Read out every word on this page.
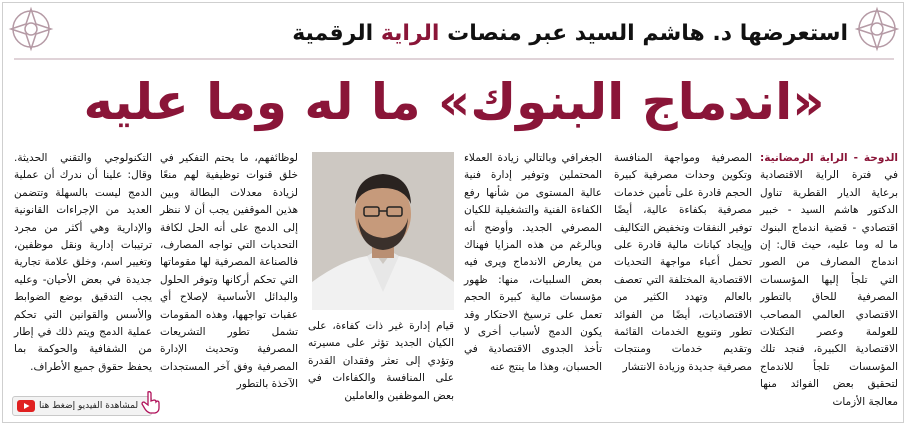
استعرضها د. هاشم السيد عبر منصات الراية الرقمية
«اندماج البنوك» ما له وما عليه

الدوحة - الراية الرمضانية: في فترة الراية الاقتصادية برعاية الديار القطرية تناول الدكتور هاشم السيد - خبير اقتصادي - قضية اندماج البنوك ما له وما عليه، حيث قال: إن اندماج المصارف من الصور التي تلجأ إليها المؤسسات المصرفية للحاق بالتطور الاقتصادي العالمي المصاحب للعولمة وعصر التكتلات الاقتصادية الكبيرة، فنجد تلك المؤسسات تلجأ للاندماج لتحقيق بعض الفوائد منها معالجة الأزمات

المصرفية ومواجهة المنافسة وتكوين وحدات مصرفية كبيرة الحجم قادرة على تأمين خدمات مصرفية بكفاءة عالية، أيضًا توفير النفقات وتخفيض التكاليف وإيجاد كيانات مالية قادرة على تحمل أعباء مواجهة التحديات الاقتصادية المختلفة التي تعصف بالعالم وتهدد الكثير من الاقتصاديات، أيضًا من الفوائد تطور وتنويع الخدمات القائمة وتقديم خدمات ومنتجات مصرفية جديدة وزيادة الانتشار

الجغرافي وبالتالي زيادة العملاء المحتملين وتوفير إدارة فنية عالية المستوى من شأنها رفع الكفاءة الفنية والتشغيلية للكيان المصرفي الجديد. وأوضح أنه وبالرغم من هذه المزايا فهناك من يعارض الاندماج ويرى فيه بعض السلبيات، منها: ظهور مؤسسات مالية كبيرة الحجم تعمل على ترسيخ الاحتكار وقد يكون الدمج لأسباب أخرى لا تأخذ الجدوى الاقتصادية في الحسبان، وهذا ما ينتج عنه

قيام إدارة غير ذات كفاءة، على الكيان الجديد تؤثر على مسيرته وتؤدي إلى تعثر وفقدان القدرة على المنافسة والكفاءات في بعض الموظفين والعاملين

لوظائفهم، ما يحتم التفكير في خلق قنوات توظيفية لهم منعًا لزيادة معدلات البطالة وبين هذين الموقفين يجب أن لا ننظر إلى الدمج على أنه الحل لكافة التحديات التي تواجه المصارف، فالصناعة المصرفية لها مقوماتها التي تحكم أركانها وتوفر الحلول والبدائل الأساسية لإصلاح أي عقبات تواجهها، وهذه المقومات تشمل تطور التشريعات المصرفية وتحديث الإدارة المصرفية وفق آخر المستجدات الآخذة بالتطور

التكنولوجي والتقني الحديثة. وقال: علينا أن ندرك أن عملية الدمج ليست بالسهلة وتتضمن العديد من الإجراءات القانونية والإدارية وهي أكثر من مجرد ترتيبات إدارية ونقل موظفين، وتغيير اسم، وخلق علامة تجارية جديدة في بعض الأحيان- وعليه يجب التدقيق بوضع الضوابط والأسس والقوانين التي تحكم عملية الدمج ويتم ذلك في إطار من الشفافية والحوكمة بما يحفظ حقوق جميع الأطراف.

لمشاهدة الفيديو إضغط هنا
